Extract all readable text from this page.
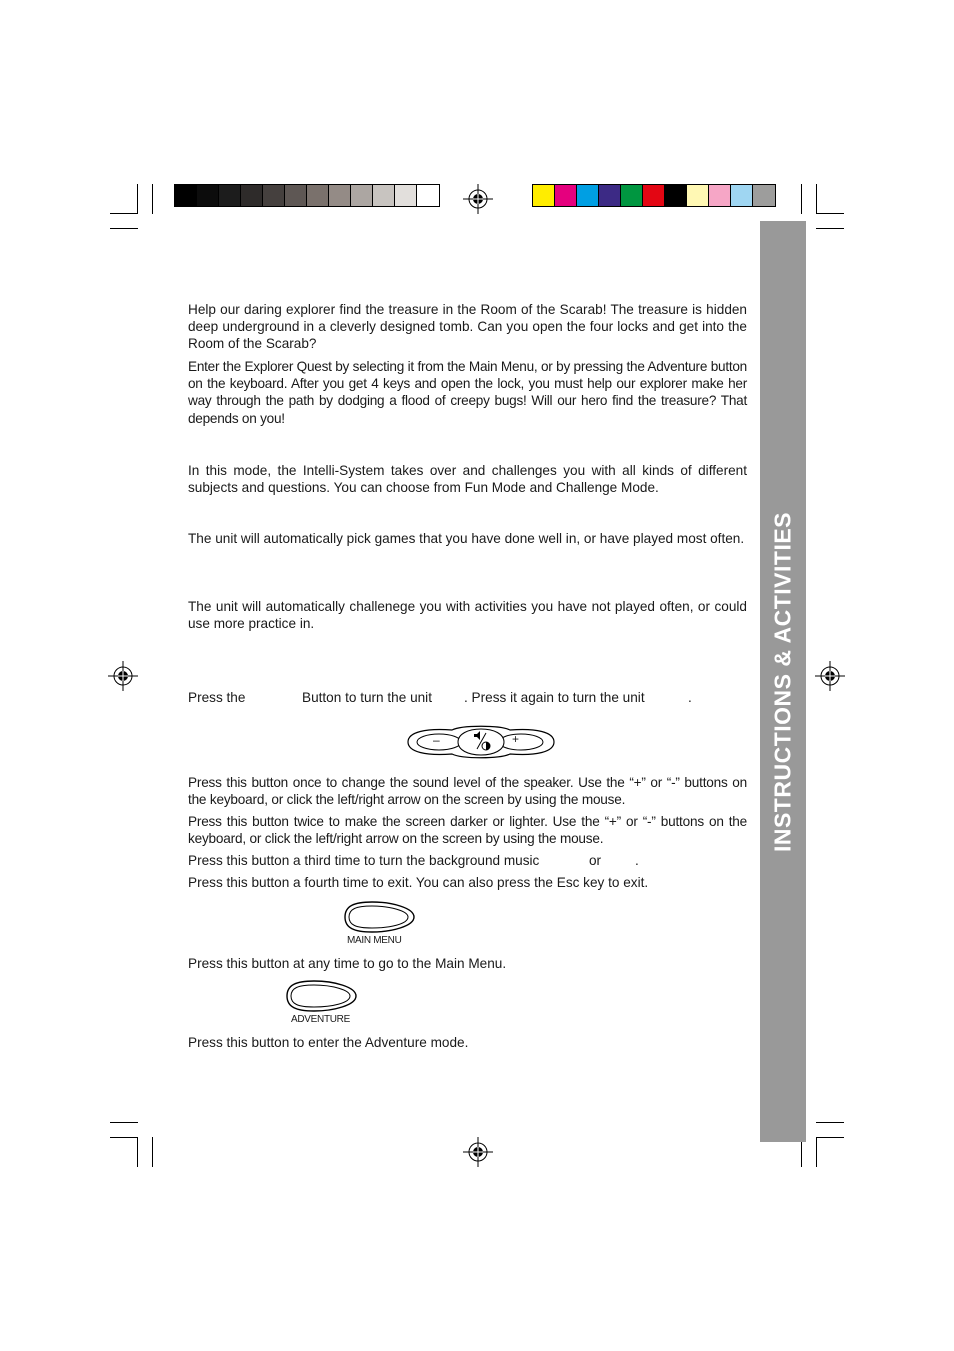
INSTRUCTIONS & ACTIVITIES

Help our daring explorer find the treasure in the Room of the Scarab! The treasure is hidden deep underground in a cleverly designed tomb. Can you open the four locks and get into the Room of the Scarab?

Enter the Explorer Quest by selecting it from the Main Menu, or by pressing the Adventure button on the keyboard. After you get 4 keys and open the lock, you must help our explorer make her way through the path by dodging a flood of creepy bugs! Will our hero find the treasure? That depends on you!

In this mode, the Intelli-System takes over and challenges you with all kinds of different subjects and questions. You can choose from Fun Mode and Challenge Mode.

The unit will automatically pick games that you have done well in, or have played most often.

The unit will automatically challenege you with activities you have not played often, or could use more practice in.

Press the	Button to turn the unit . Press it again to turn the unit	.
–	+

Press this button once to change the sound level of the speaker. Use the “+” or “-” buttons on the keyboard, or click the left/right arrow on the screen by using the mouse.

Press this button twice to make the screen darker or lighter. Use the “+” or “-” buttons on the keyboard, or click the left/right arrow on the screen by using the mouse.

Press this button a third time to turn the background music	or .

Press this button a fourth time to exit. You can also press the Esc key to exit.

MAIN MENU

Press this button at any time to go to the Main Menu.

ADVENTURE

Press this button to enter the Adventure mode.
